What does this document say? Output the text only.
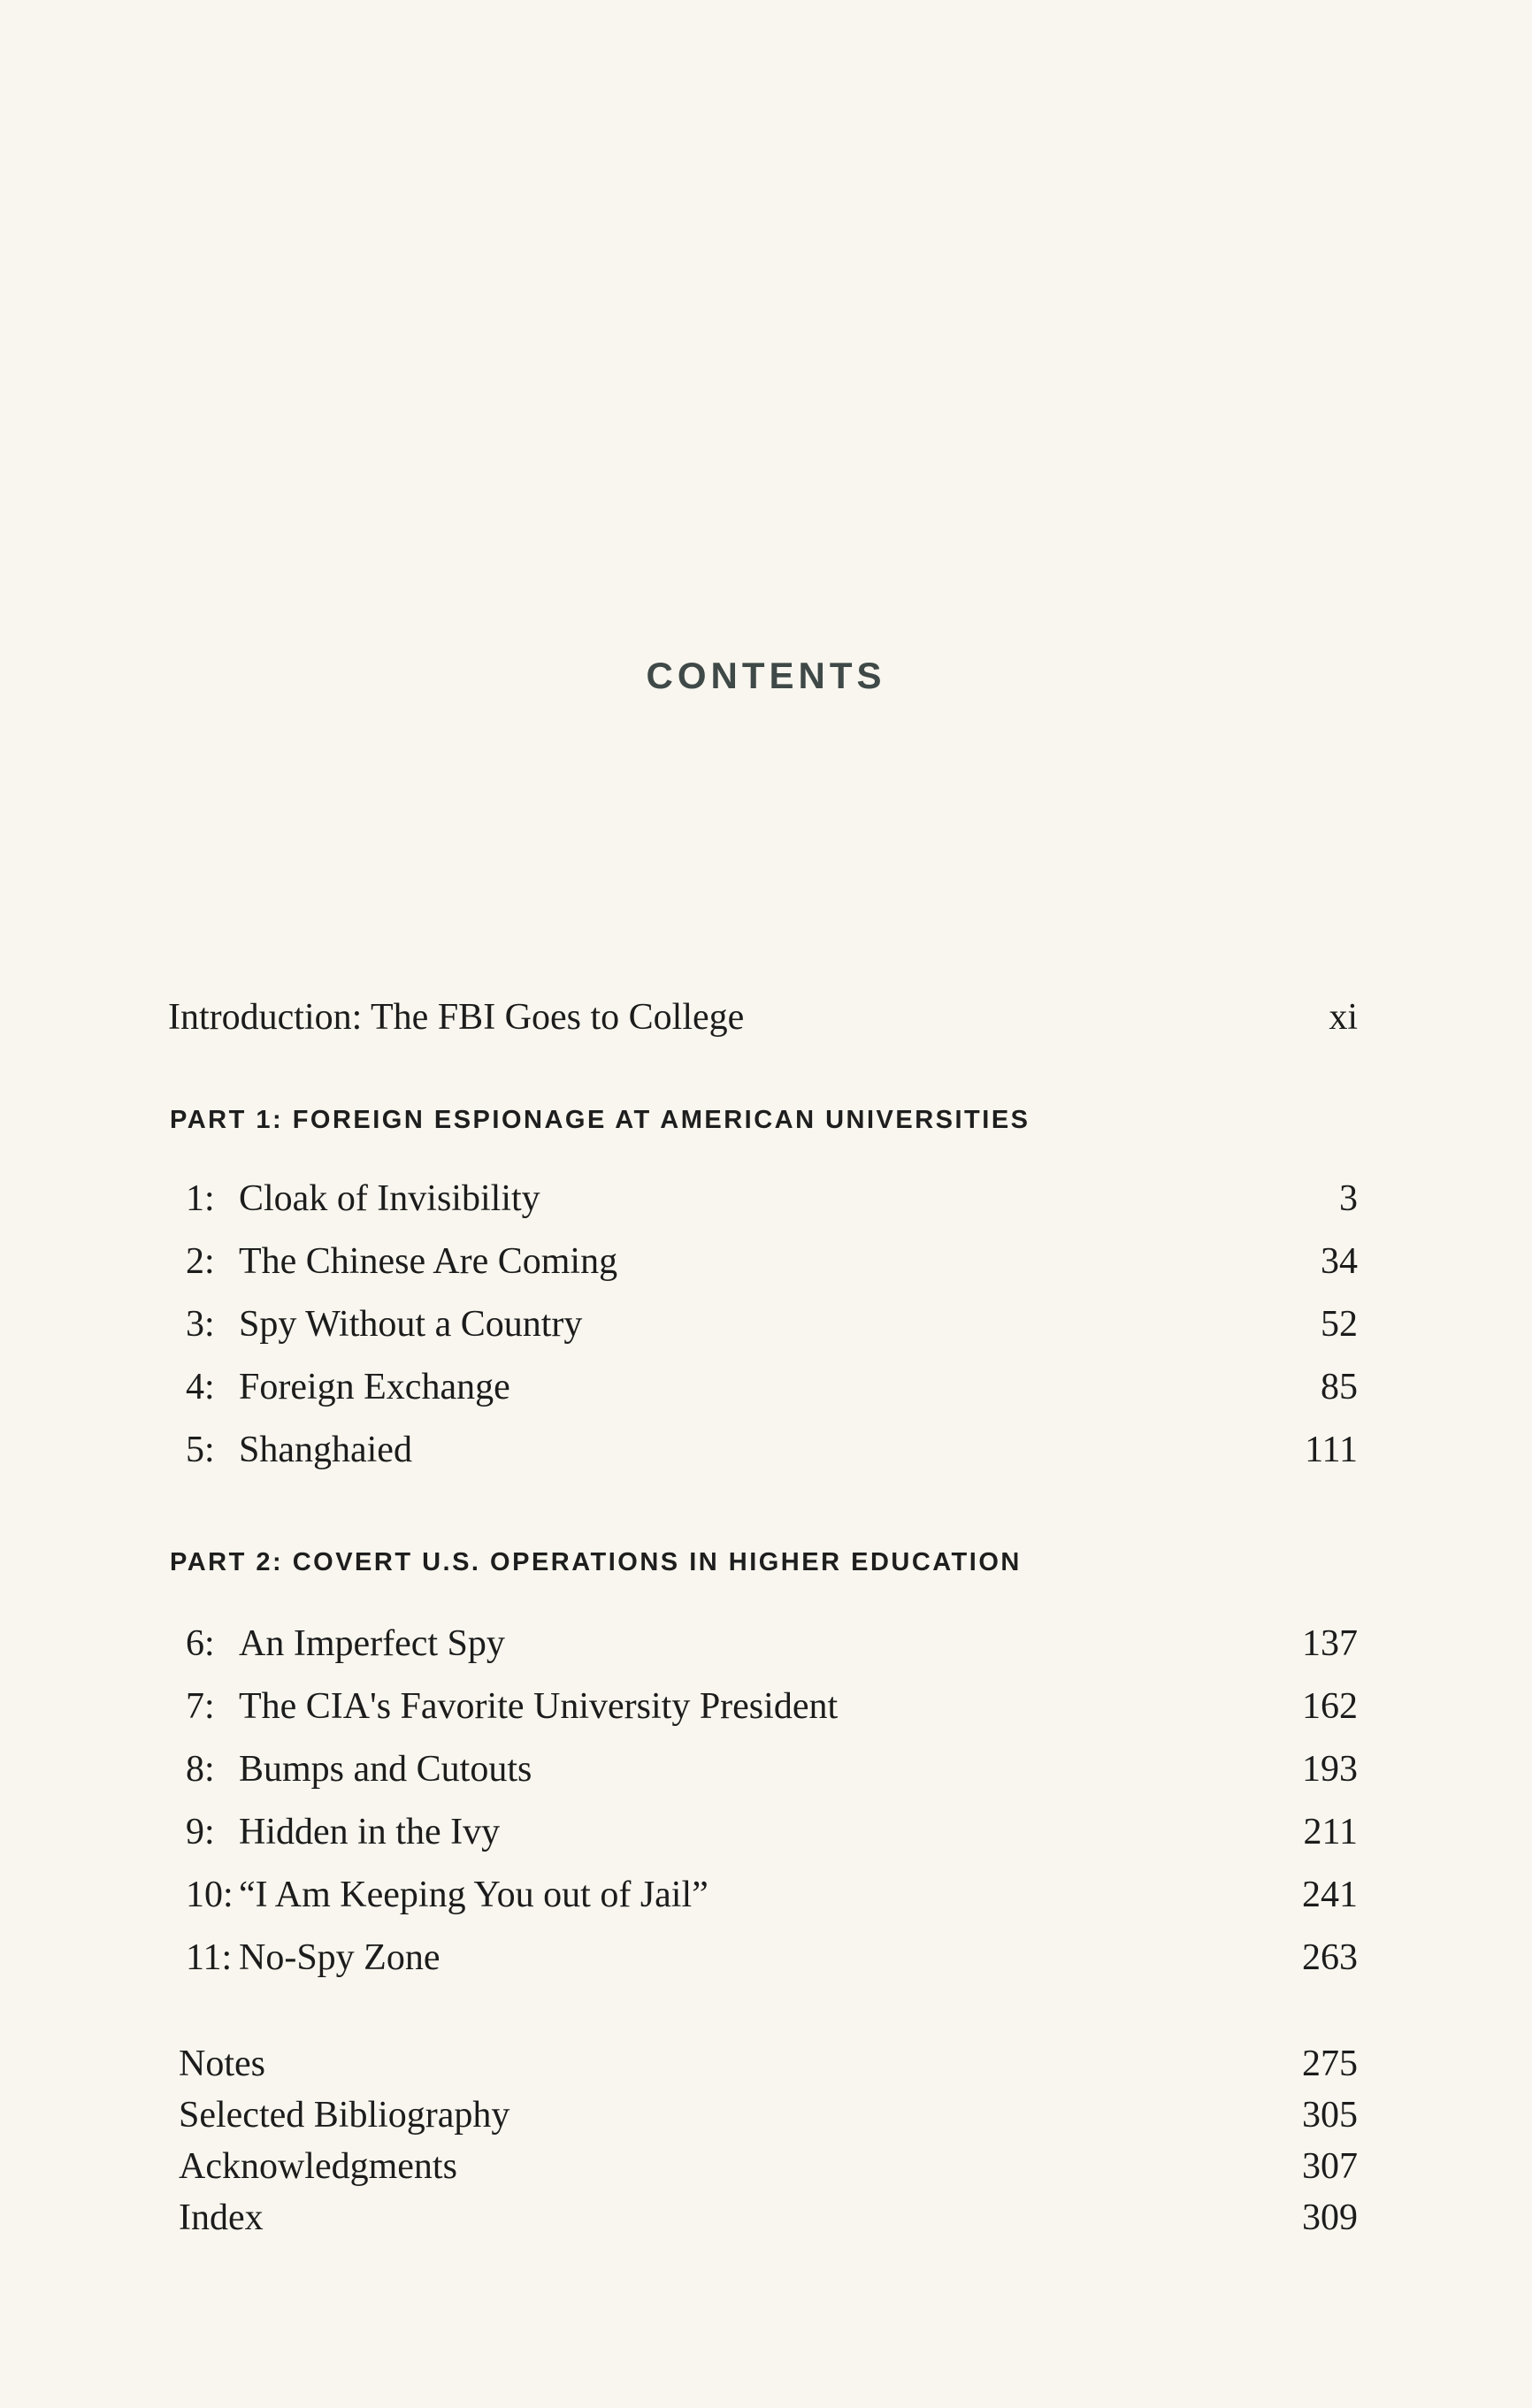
CONTENTS
Introduction: The FBI Goes to College	xi
PART 1: FOREIGN ESPIONAGE AT AMERICAN UNIVERSITIES
1: Cloak of Invisibility	3
2: The Chinese Are Coming	34
3: Spy Without a Country	52
4: Foreign Exchange	85
5: Shanghaied	111
PART 2: COVERT U.S. OPERATIONS IN HIGHER EDUCATION
6: An Imperfect Spy	137
7: The CIA's Favorite University President	162
8: Bumps and Cutouts	193
9: Hidden in the Ivy	211
10: “I Am Keeping You out of Jail”	241
11: No-Spy Zone	263
Notes	275
Selected Bibliography	305
Acknowledgments	307
Index	309
